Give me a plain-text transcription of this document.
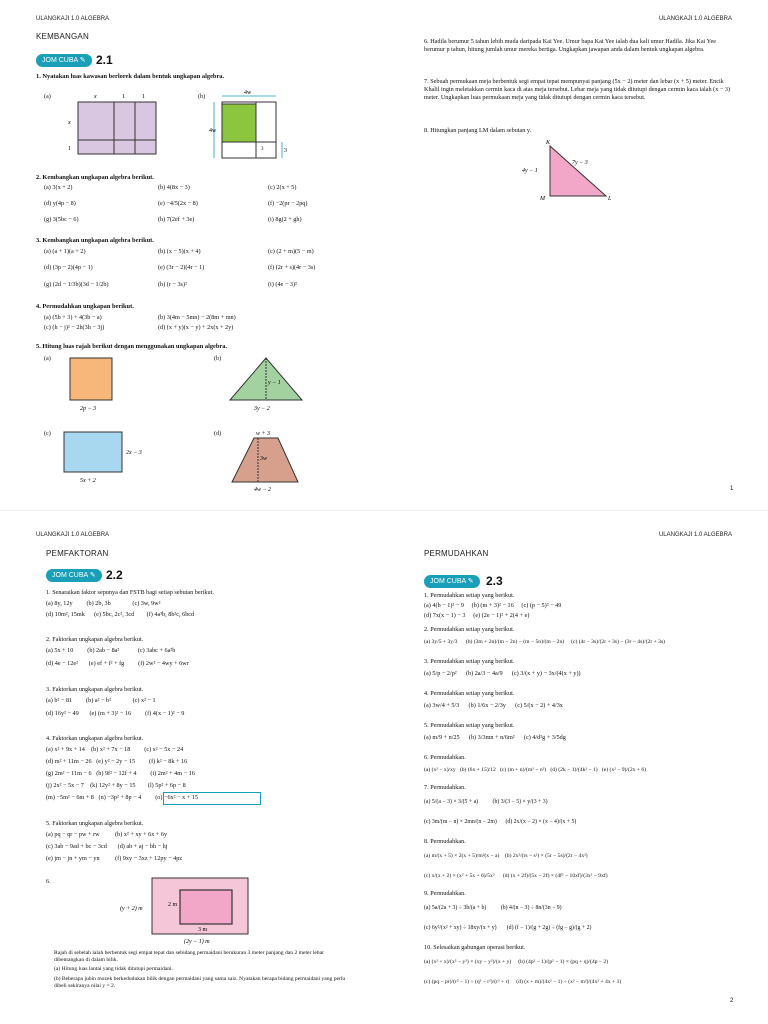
ULANGKAJI 1.0 ALGEBRA	ULANGKAJI 1.0 ALGEBRA
KEMBANGAN
JOM CUBA ✎ 2.1
1. Nyatakan luas kawasan berlorek dalam bentuk ungkapan algebra.
(a)	(b)
x	1	1
x
1
4w
4w
3	3
2. Kembangkan ungkapan algebra berikut.
(a) 3(x + 2)	(b) 4(8x − 3)	(c) 2(x + 5)
(d) y(4p − 8)	(e) −4/5(2x − 8)	(f) −2(pr − 2pq)
(g) 3(5bc − 6)	(h) 7(2ef + 3e)	(i) 8g(2 + gh)
3. Kembangkan ungkapan algebra berikut.
(a) (a + 1)(a + 2)	(b) (x − 5)(x + 4)	(c) (2 + m)(5 − m)
(d) (3p − 2)(4p − 1)	(e) (3r − 2)(4r − 1)	(f) (2r + s)(4r − 3s)
(g) (2d − 1/3b)(3d − 1/2b)	(h) (r − 3s)²	(i) (4e − 3)²
4. Permudahkan ungkapan berikut.
(a) (5b + 3) + 4(3b − a)	(b) 3(4m − 5mn) − 2(8m + mn)
(c) (h − j)² − 2h(3h − 3j)	(d) (x + y)(x − y) + 2x(x + 2y)
5. Hitung luas rajah berikut dengan menggunakan ungkapan algebra.
(a)	(b)
(c)	(d)
2p − 3
y − 1
3y − 2
2x − 3
5x + 2
w + 3
3w
4w − 2
6. Hadila berumur 5 tahun lebih muda daripada Kai Yee. Umur bapa Kai Yee ialah dua kali umur Hadila. Jika Kai Yee berumur p tahun, hitung jumlah umur mereka bertiga. Ungkapkan jawapan anda dalam bentuk ungkapan algebra.
7. Sebuah permukaan meja berbentuk segi empat tepat mempunyai panjang (5x − 2) meter dan lebar (x + 5) meter. Encik Khalil ingin meletakkan cermin kaca di atas meja tersebut. Lebar meja yang tidak ditutupi dengan cermin kaca ialah (x − 3) meter. Ungkapkan luas permukaan meja yang tidak ditutupi dengan cermin kaca tersebut.
8. Hitungkan panjang LM dalam sebutan y.
K
M	L
4y − 1
7y − 3
1
ULANGKAJI 1.0 ALGEBRA	ULANGKAJI 1.0 ALGEBRA
PEMFAKTORAN	PERMUDAHKAN
JOM CUBA ✎ 2.2	JOM CUBA ✎	2.3
1. Senaraikan faktor sepunya dan FSTB bagi setiap sebutan berikut.
(a) 8y, 12y         (b) 2b, 3b              (c) 3w, 9w²
(d) 10m², 15mk      (e) 5bc, 2c², 3cd        (f) 4a³b, 8b²c, 6bcd
2. Faktorkan ungkapan algebra berikut.
(a) 5x + 10         (b) 2ab − 8a²            (c) 3abc + 6a²b
(d) 4e − 12e²       (e) ef + f² + fg         (f) 2w² − 4wy + 6wr
3. Faktorkan ungkapan algebra berikut.
(a) b² − 81         (b) a² − b²              (c) x² − 1
(d) 16y² − 49       (e) (m + 3)² − 16         (f) 4(x − 1)² − 9
4. Faktorkan ungkapan algebra berikut.
(a) x² + 9x + 14    (b) x² + 7x − 18         (c) x² − 5x − 24
(d) m² + 11m − 26   (e) y² − 2y − 15         (f) k² − 8k + 16
(g) 2m² − 11m − 6   (h) 9f² − 12f + 4         (i) 2m² + 4m − 16
(j) 2x² − 5x − 7    (k) 12y² + 8y − 15        (l) 5p² + 6p − 8
(m) −5m² − 6m + 8   (n) −3p² + 8p − 4         (o) −6x² − x + 15
5. Faktorkan ungkapan algebra berikut.
(a) pq − qr − pw + rw          (b) x² + xy + 6x + 6y
(c) 3ab − 9ad + bc − 3cd       (d) ab + aj − bh − hj
(e) jm − jn + ym − yn          (f) 9xy − 3xz + 12py − 4pz
6.
(y + 2) m
2 m
3 m
(2y − 1) m
Rajah di sebelah ialah berbentuk segi empat tepat dan sebidang permaidani berukuran 3 meter panjang dan 2 meter lebar dibentangkan di dalam bilik.
(a) Hitung luas lantai yang tidak ditutupi permaidani.
(b) Beberapa jubin mozek berkedudukan bilik dengan permaidani yang sama saiz. Nyatakan berapa bidang permaidani yang perlu dibeli sekiranya nilai y = 2.
1. Permudahkan setiap yang berikut.
(a) 4(b − 1)² − 9     (b) (m + 3)² − 16     (c) (p − 5)² − 49
(d) 7x(x − 1) − 3     (e) (2e − 1)² + 2(4 + e)
2. Permudahkan setiap yang berikut.
(a) 3y/5 + 3y/3      (b) (3m + 2n)/(m − 2n) − (m − 5n)/(m − 2n)     (c) (4r − 3s)/(2r + 3s) − (3r − 4s)/(2r + 3s)
3. Permudahkan setiap yang berikut.
(a) 5/p − 2/p²      (b) 2a/3 − 4a/9      (c) 3/(x + y) − 3x/(4(x + y))
4. Permudahkan setiap yang berikut.
(a) 3w/4 + 5/3      (b) 1/6x − 2/3y      (c) 5/(x − 2) + 4/3x
5. Permudahkan setiap yang berikut.
(a) m/9 + n/25      (b) 3/3mn + n/6m²      (c) 4/d²g + 3/5dg
6. Permudahkan.
(a) (x² − x)/xy   (b) (6x + 15)/12   (c) (m + n)/(m² − n²)   (d) (2k − 1)/(4k² − 1)   (e) (x² − 9)/(2x + 6)
7. Permudahkan.
(a) 5/(a − 3) × 3/(5 + a)          (b) 3/(3 − 5) × y/(3 + 3)
(c) 3m/(m − n) × 2mn/(n − 2m)      (d) 2x/(x − 2) × (x − 4)/(x + 5)
8. Permudahkan.
(a) m/(x + 5) × 2(x + 5)/m²(x − a)    (b) 2x²/(rs − s²) × (5r − 5s)/(2r − 4x²)
(c) x/(x + 2) × (x² + 5x + 6)/5x²      (d) (x + 2f)/(5x − 2f) × (4f² − 10xf)/(3x² − 9xf)
9. Permudahkan.
(a) 5a/(2a + 3) ÷ 3b/(a + b)          (b) 4/(n − 3) ÷ 8n/(3n − 9)
(c) 6y²/(x² + xy) ÷ 18xy/(x + y)       (d) (f − 1)/(g + 2g) ÷ (fg − g)/(g + 2)
10. Selesaikan gabungan operasi berikut.
(a) (x² + x)/(x² − y²) × (xy − y²)/(x + y)     (b) (4p² − 1)/(p² − 1) × (pq + q)/(4p − 2)
(c) (pq − pr)/(r² − 1) ÷ (q² − r²)/(r² + r)     (d) (x + m)/(4x² − 1) ÷ (x² − m²)/(4x² + 4x + 1)
2
